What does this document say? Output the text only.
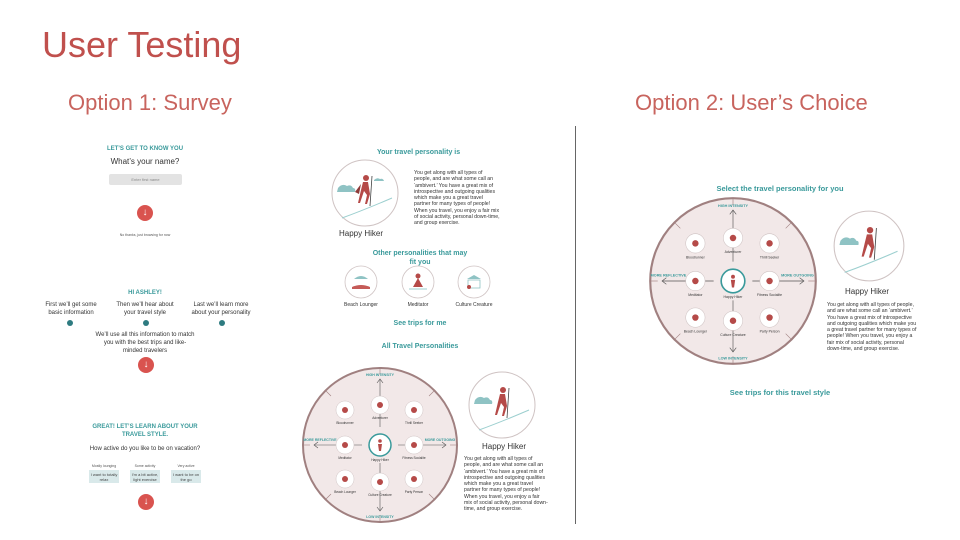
User Testing
Option 1: Survey	Option 2: User’s Choice
LET’S GET TO KNOW YOU
What’s your name?
Enter first name
↓
No thanks, just browsing for now
HI ASHLEY!
First we’ll get some basic information
Then we’ll hear about your travel style
Last we’ll learn more about your personality
We’ll use all this information to match you with the best trips and like-minded travelers
↓
GREAT! LET’S LEARN ABOUT YOUR TRAVEL STYLE.
How active do you like to be on vacation?
Mostly lounging
I want to totally relax
Some activity
I’m a bit active, light exercise
Very active
I want to be on the go
↓
Your travel personality is
Happy Hiker
You get along with all types of people, and are what some call an ‘ambivert.’ You have a great mix of introspective and outgoing qualities which make you a great travel partner for many types of people! When you travel, you enjoy a fair mix of social activity, personal down-time, and group exercise.
Other personalities that may fit you
Beach Lounger	Meditator	Culture Creature
See trips for me
All Travel Personalities
HIGH INTENSITY
LOW INTENSITY
MORE REFLECTIVE	MORE OUTGOING
Bloodrunner
Adventurer
Thrill Seeker
Meditator	Happy Hiker	Fitness Socialite
Beach Lounger
Culture Creature
Party Person
Happy Hiker
You get along with all types of people, and are what some call an ‘ambivert.’ You have a great mix of introspective and outgoing qualities which make you a great travel partner for many types of people! When you travel, you enjoy a fair mix of social activity, personal down-time, and group exercise.
Select the travel personality for you
HIGH INTENSITY
LOW INTENSITY
MORE REFLECTIVE	MORE OUTGOING
Bloodrunner
Adventurer
Thrill Seeker
Meditator
Happy Hiker
Fitness Socialite
Beach Lounger
Culture Creature
Party Person
Happy Hiker
You get along with all types of people, and are what some call an ‘ambivert.’ You have a great mix of introspective and outgoing qualities which make you a great travel partner for many types of people! When you travel, you enjoy a fair mix of social activity, personal down-time, and group exercise.
See trips for this travel style
